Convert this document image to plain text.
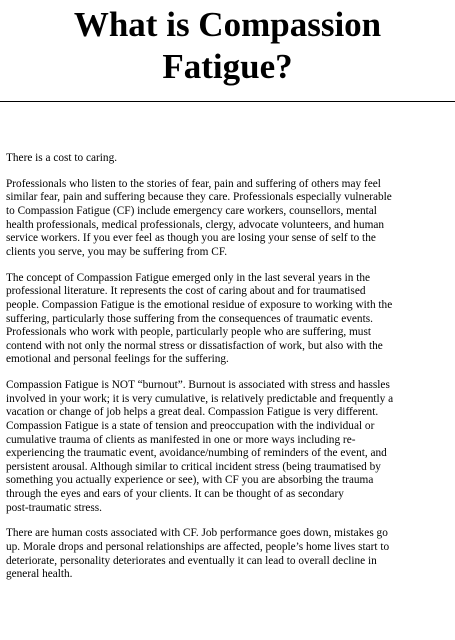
What is Compassion
Fatigue?

There is a cost to caring.

Professionals who listen to the stories of fear, pain and suffering of others may feel
similar fear, pain and suffering because they care. Professionals especially vulnerable
to Compassion Fatigue (CF) include emergency care workers, counsellors, mental
health professionals, medical professionals, clergy, advocate volunteers, and human
service workers. If you ever feel as though you are losing your sense of self to the
clients you serve, you may be suffering from CF.

The concept of Compassion Fatigue emerged only in the last several years in the
professional literature. It represents the cost of caring about and for traumatised
people. Compassion Fatigue is the emotional residue of exposure to working with the
suffering, particularly those suffering from the consequences of traumatic events.
Professionals who work with people, particularly people who are suffering, must
contend with not only the normal stress or dissatisfaction of work, but also with the
emotional and personal feelings for the suffering.

Compassion Fatigue is NOT “burnout”. Burnout is associated with stress and hassles
involved in your work; it is very cumulative, is relatively predictable and frequently a
vacation or change of job helps a great deal. Compassion Fatigue is very different.
Compassion Fatigue is a state of tension and preoccupation with the individual or
cumulative trauma of clients as manifested in one or more ways including re-
experiencing the traumatic event, avoidance/numbing of reminders of the event, and
persistent arousal. Although similar to critical incident stress (being traumatised by
something you actually experience or see), with CF you are absorbing the trauma
through the eyes and ears of your clients. It can be thought of as secondary
post-traumatic stress.

There are human costs associated with CF. Job performance goes down, mistakes go
up. Morale drops and personal relationships are affected, people’s home lives start to
deteriorate, personality deteriorates and eventually it can lead to overall decline in
general health.
